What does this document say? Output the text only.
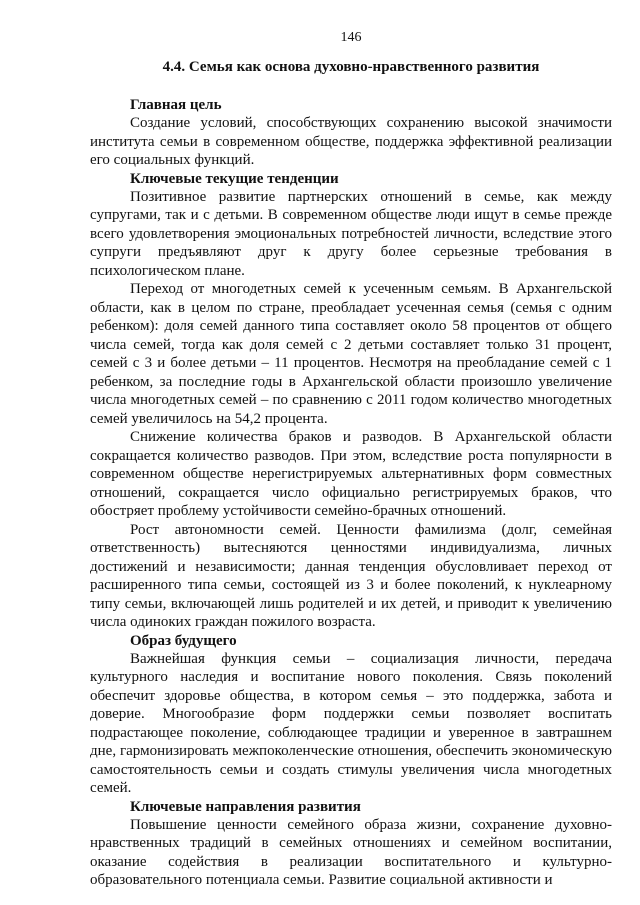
146
4.4. Семья как основа духовно-нравственного развития
Главная цель
Создание условий, способствующих сохранению высокой значимости института семьи в современном обществе, поддержка эффективной реализации его социальных функций.
Ключевые текущие тенденции
Позитивное развитие партнерских отношений в семье, как между супругами, так и с детьми. В современном обществе люди ищут в семье прежде всего удовлетворения эмоциональных потребностей личности, вследствие этого супруги предъявляют друг к другу более серьезные требования в психологическом плане.
Переход от многодетных семей к усеченным семьям. В Архангельской области, как в целом по стране, преобладает усеченная семья (семья с одним ребенком): доля семей данного типа составляет около 58 процентов от общего числа семей, тогда как доля семей с 2 детьми составляет только 31 процент, семей с 3 и более детьми – 11 процентов. Несмотря на преобладание семей с 1 ребенком, за последние годы в Архангельской области произошло увеличение числа многодетных семей – по сравнению с 2011 годом количество многодетных семей увеличилось на 54,2 процента.
Снижение количества браков и разводов. В Архангельской области сокращается количество разводов. При этом, вследствие роста популярности в современном обществе нерегистрируемых альтернативных форм совместных отношений, сокращается число официально регистрируемых браков, что обостряет проблему устойчивости семейно-брачных отношений.
Рост автономности семей. Ценности фамилизма (долг, семейная ответственность) вытесняются ценностями индивидуализма, личных достижений и независимости; данная тенденция обусловливает переход от расширенного типа семьи, состоящей из 3 и более поколений, к нуклеарному типу семьи, включающей лишь родителей и их детей, и приводит к увеличению числа одиноких граждан пожилого возраста.
Образ будущего
Важнейшая функция семьи – социализация личности, передача культурного наследия и воспитание нового поколения. Связь поколений обеспечит здоровье общества, в котором семья – это поддержка, забота и доверие. Многообразие форм поддержки семьи позволяет воспитать подрастающее поколение, соблюдающее традиции и уверенное в завтрашнем дне, гармонизировать межпоколенческие отношения, обеспечить экономическую самостоятельность семьи и создать стимулы увеличения числа многодетных семей.
Ключевые направления развития
Повышение ценности семейного образа жизни, сохранение духовно-нравственных традиций в семейных отношениях и семейном воспитании, оказание содействия в реализации воспитательного и культурно-образовательного потенциала семьи. Развитие социальной активности и
